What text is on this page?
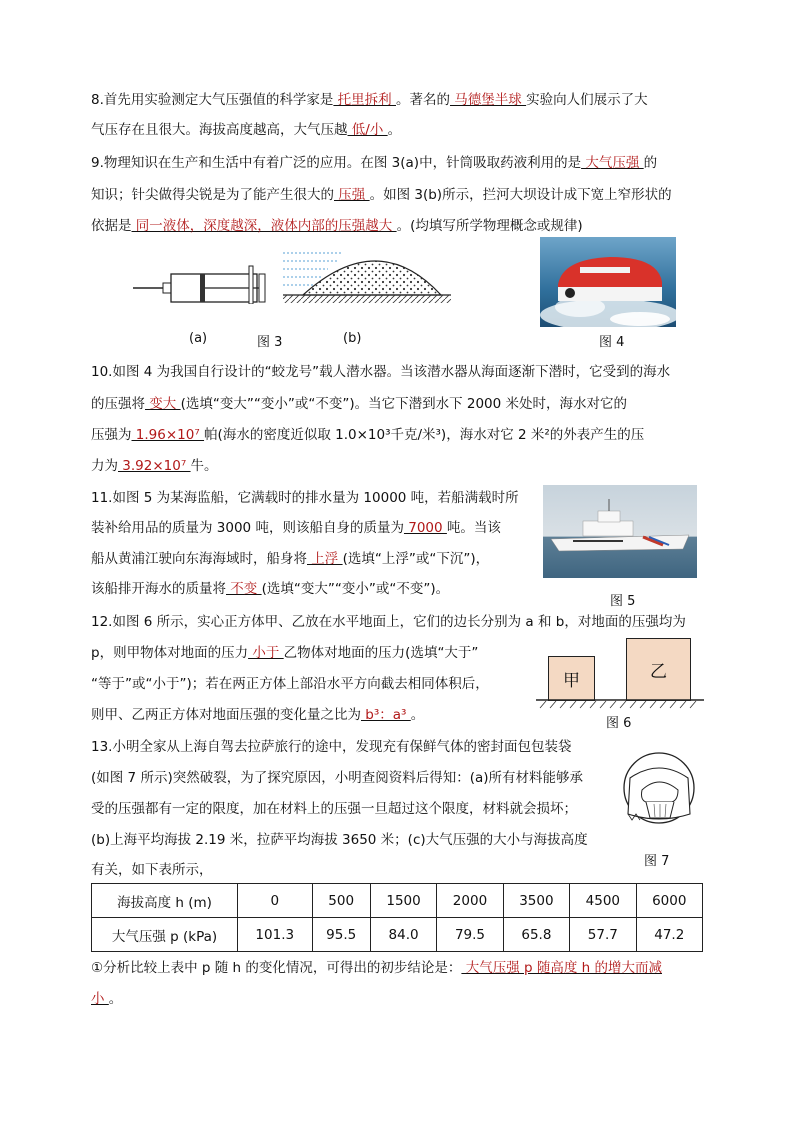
8.首先用实验测定大气压强值的科学家是 托里拆利 。著名的 马德堡半球 实验向人们展示了大
气压存在且很大。海拔高度越高，大气压越 低/小 。
9.物理知识在生产和生活中有着广泛的应用。在图 3(a)中，针筒吸取药液利用的是 大气压强 的
知识；针尖做得尖锐是为了能产生很大的 压强 。如图 3(b)所示，拦河大坝设计成下宽上窄形状的
依据是 同一液体，深度越深，液体内部的压强越大 。(均填写所学物理概念或规律)
(a)	图 3	(b)	图 4
10.如图 4 为我国自行设计的“蛟龙号”载人潜水器。当该潜水器从海面逐渐下潜时，它受到的海水
的压强将 变大 (选填“变大”“变小”或“不变”)。当它下潜到水下 2000 米处时，海水对它的
压强为 1.96×10⁷ 帕(海水的密度近似取 1.0×10³千克/米³)，海水对它 2 米²的外表产生的压
力为 3.92×10⁷ 牛。
11.如图 5 为某海监船，它满载时的排水量为 10000 吨，若船满载时所
装补给用品的质量为 3000 吨，则该船自身的质量为 7000 吨。当该
船从黄浦江驶向东海海域时，船身将 上浮 (选填“上浮”或“下沉”)，
该船排开海水的质量将 不变 (选填“变大”“变小”或“不变”)。
图 5
12.如图 6 所示，实心正方体甲、乙放在水平地面上，它们的边长分别为 a 和 b，对地面的压强均为
p，则甲物体对地面的压力 小于 乙物体对地面的压力(选填“大于”
“等于”或“小于”)；若在两正方体上部沿水平方向截去相同体积后，
则甲、乙两正方体对地面压强的变化量之比为 b³：a³ 。
甲	乙
图 6
13.小明全家从上海自驾去拉萨旅行的途中，发现充有保鲜气体的密封面包包装袋
(如图 7 所示)突然破裂，为了探究原因，小明查阅资料后得知：(a)所有材料能够承
受的压强都有一定的限度，加在材料上的压强一旦超过这个限度，材料就会损坏；
(b)上海平均海拔 2.19 米，拉萨平均海拔 3650 米；(c)大气压强的大小与海拔高度
有关，如下表所示，
图 7
海拔高度 h (m)	0	500	1500	2000	3500	4500	6000
大气压强 p (kPa)	101.3	95.5	84.0	79.5	65.8	57.7	47.2
①分析比较上表中 p 随 h 的变化情况，可得出的初步结论是： 大气压强 p 随高度 h 的增大而减
小 。
